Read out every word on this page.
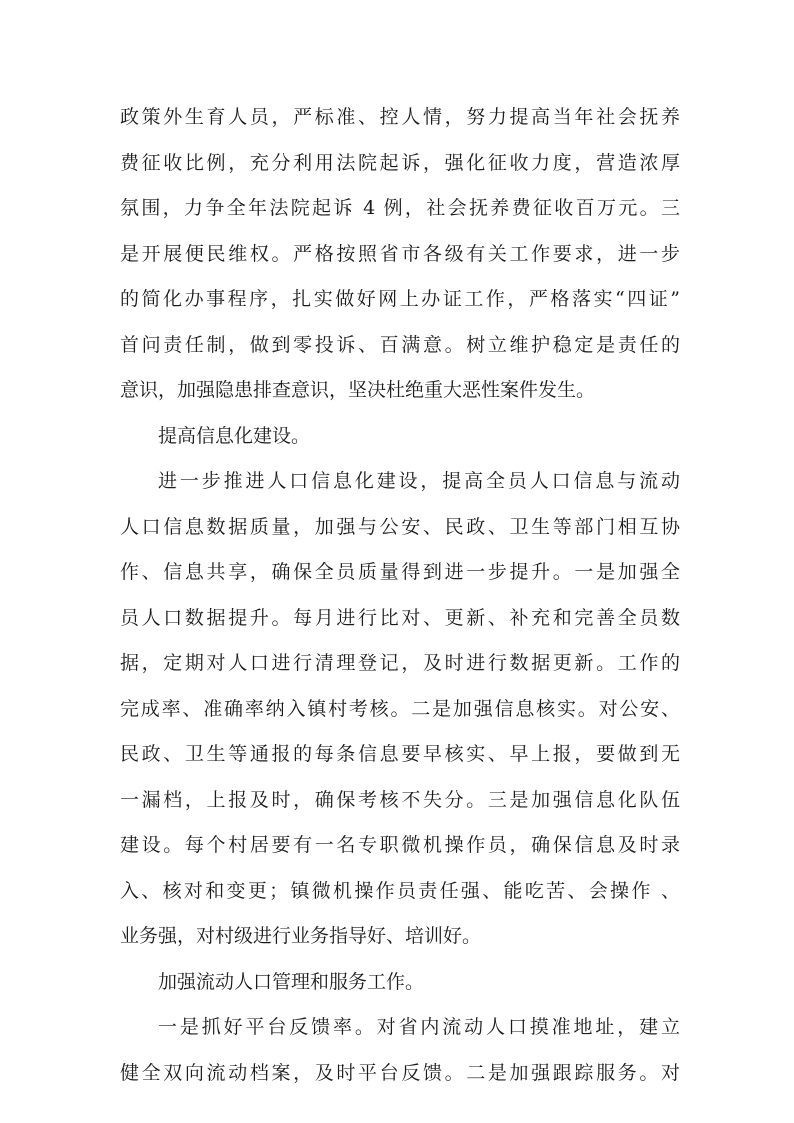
政策外生育人员，严标准、控人情，努力提高当年社会抚养
费征收比例，充分利用法院起诉，强化征收力度，营造浓厚
氛围，力争全年法院起诉 4 例，社会抚养费征收百万元。三
是开展便民维权。严格按照省市各级有关工作要求，进一步
的简化办事程序，扎实做好网上办证工作，严格落实“四证”
首问责任制，做到零投诉、百满意。树立维护稳定是责任的
意识，加强隐患排查意识，坚决杜绝重大恶性案件发生。
提高信息化建设。
进一步推进人口信息化建设，提高全员人口信息与流动
人口信息数据质量，加强与公安、民政、卫生等部门相互协
作、信息共享，确保全员质量得到进一步提升。一是加强全
员人口数据提升。每月进行比对、更新、补充和完善全员数
据，定期对人口进行清理登记，及时进行数据更新。工作的
完成率、准确率纳入镇村考核。二是加强信息核实。对公安、
民政、卫生等通报的每条信息要早核实、早上报，要做到无
一漏档，上报及时，确保考核不失分。三是加强信息化队伍
建设。每个村居要有一名专职微机操作员，确保信息及时录
入、核对和变更；镇微机操作员责任强、能吃苦、会操作 、
业务强，对村级进行业务指导好、培训好。
加强流动人口管理和服务工作。
一是抓好平台反馈率。对省内流动人口摸准地址，建立
健全双向流动档案，及时平台反馈。二是加强跟踪服务。对
